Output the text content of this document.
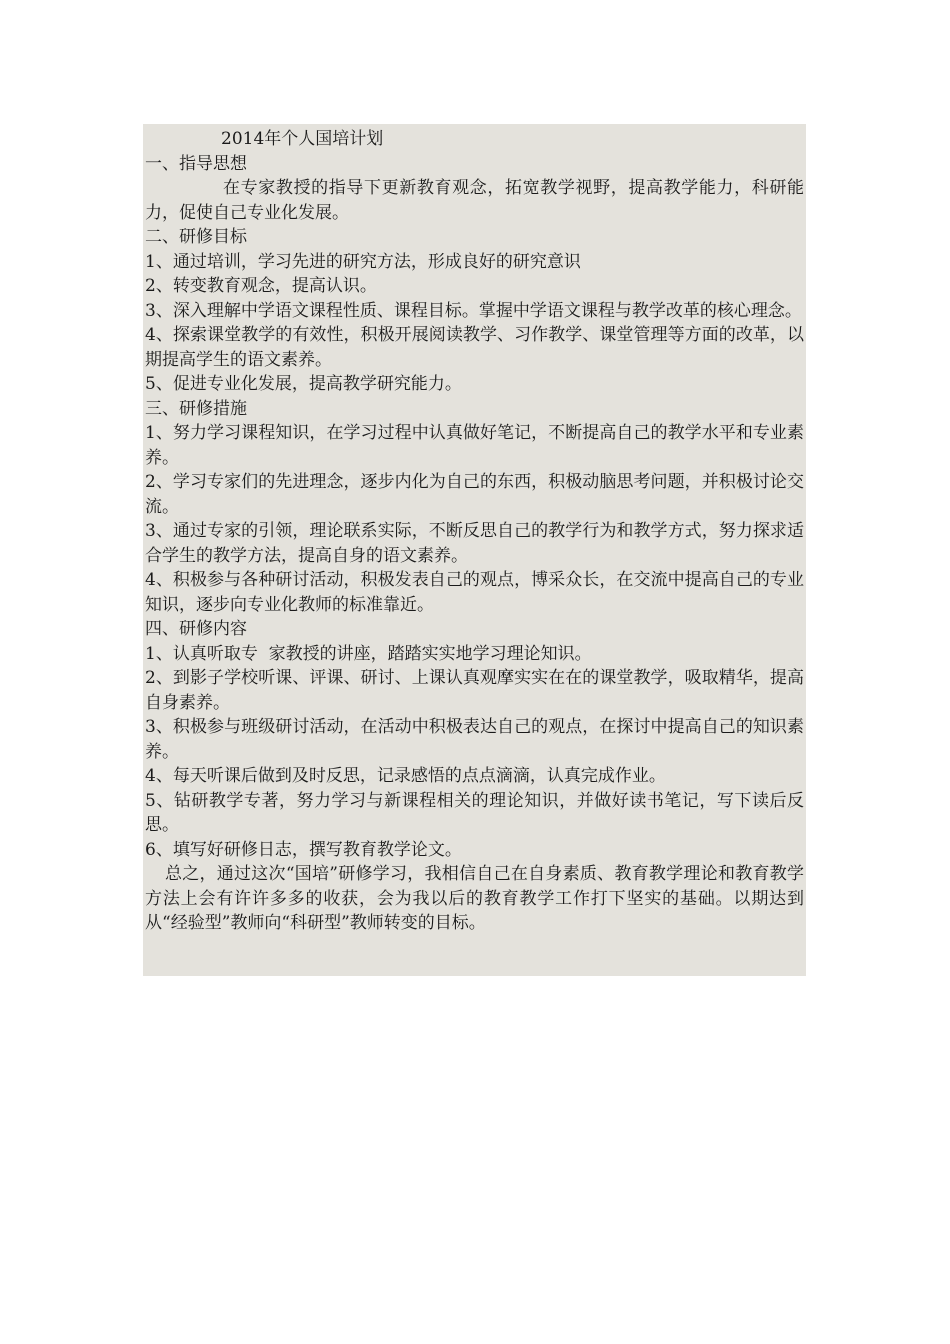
2014年个人国培计划
一、指导思想
在专家教授的指导下更新教育观念，拓宽教学视野，提高教学能力，科研能力，促使自己专业化发展。
二、研修目标
1、通过培训，学习先进的研究方法，形成良好的研究意识
2、转变教育观念，提高认识。
3、深入理解中学语文课程性质、课程目标。掌握中学语文课程与教学改革的核心理念。
4、探索课堂教学的有效性，积极开展阅读教学、习作教学、课堂管理等方面的改革，以期提高学生的语文素养。
5、促进专业化发展，提高教学研究能力。
三、研修措施
1、努力学习课程知识，在学习过程中认真做好笔记，不断提高自己的教学水平和专业素养。
2、学习专家们的先进理念，逐步内化为自己的东西，积极动脑思考问题，并积极讨论交流。
3、通过专家的引领，理论联系实际，不断反思自己的教学行为和教学方式，努力探求适合学生的教学方法，提高自身的语文素养。
4、积极参与各种研讨活动，积极发表自己的观点，博采众长，在交流中提高自己的专业知识，逐步向专业化教师的标准靠近。
四、研修内容
1、认真听取专  家教授的讲座，踏踏实实地学习理论知识。
2、到影子学校听课、评课、研讨、上课认真观摩实实在在的课堂教学，吸取精华，提高自身素养。
3、积极参与班级研讨活动，在活动中积极表达自己的观点，在探讨中提高自己的知识素养。
4、每天听课后做到及时反思，记录感悟的点点滴滴，认真完成作业。
5、钻研教学专著，努力学习与新课程相关的理论知识，并做好读书笔记，写下读后反思。
6、填写好研修日志，撰写教育教学论文。
总之，通过这次“国培”研修学习，我相信自己在自身素质、教育教学理论和教育教学方法上会有许许多多的收获，会为我以后的教育教学工作打下坚实的基础。以期达到从“经验型”教师向“科研型”教师转变的目标。
